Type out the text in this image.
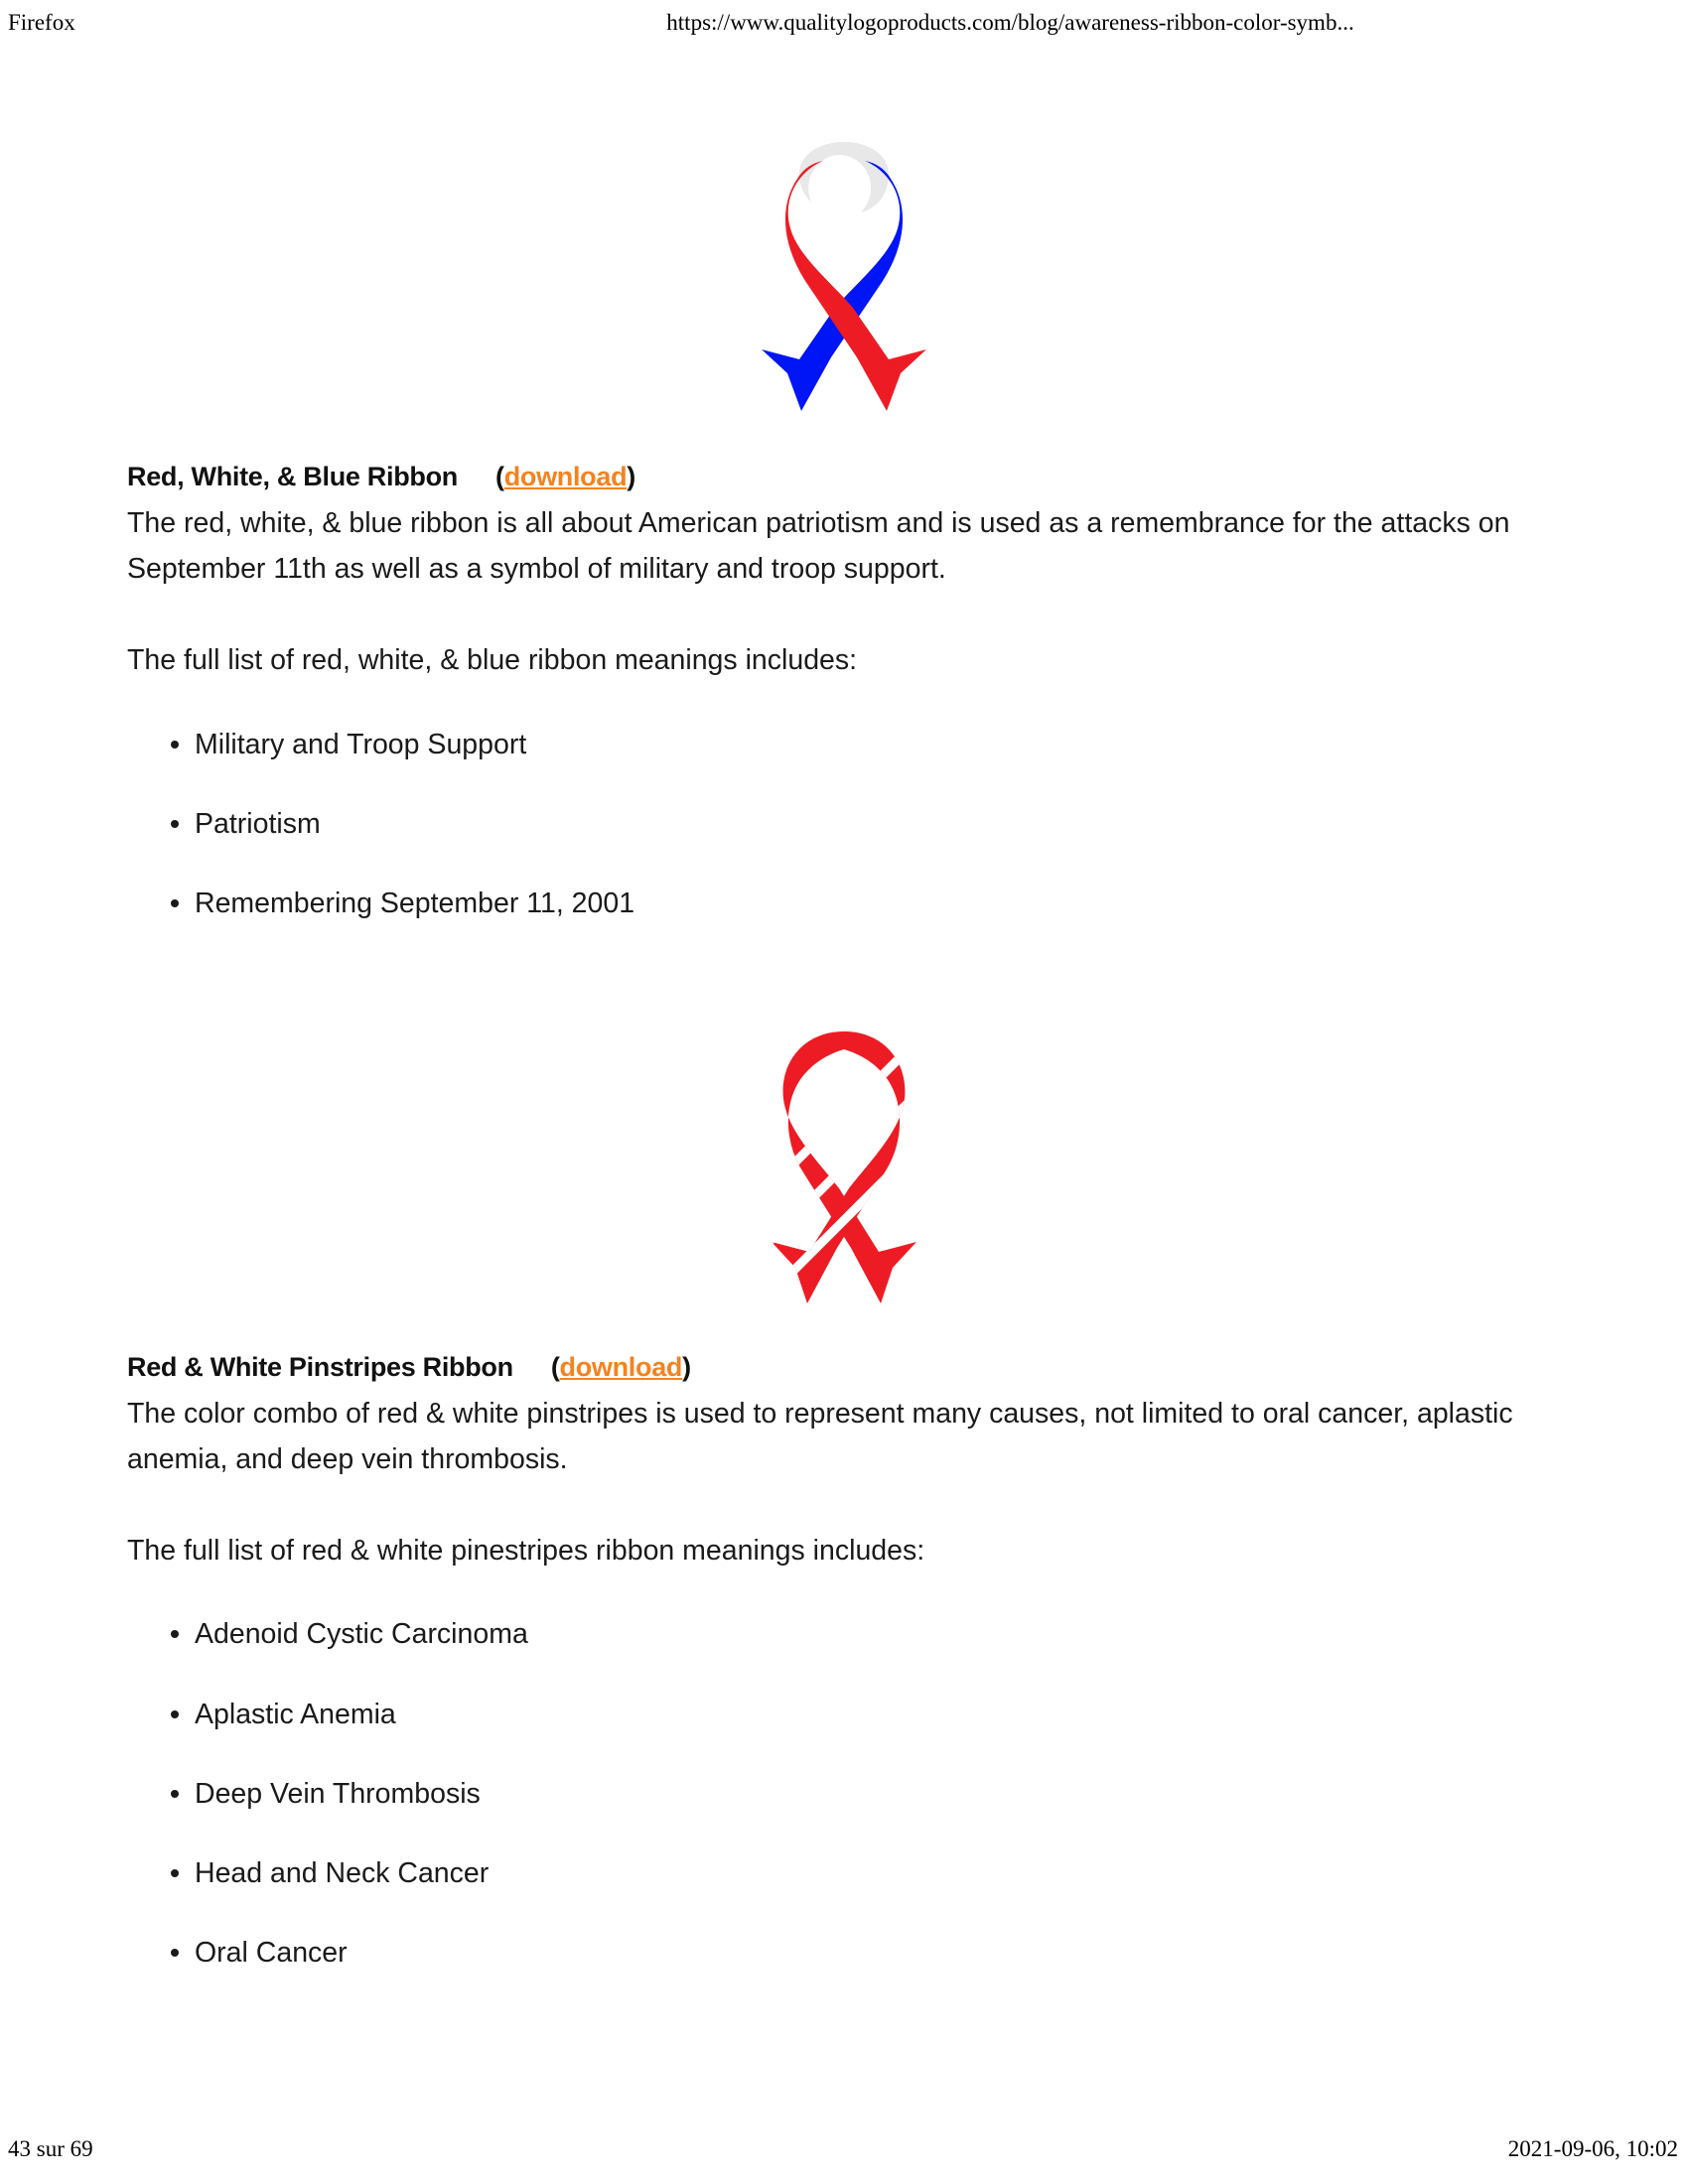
Firefox	https://www.qualitylogoproducts.com/blog/awareness-ribbon-color-symb...
Red, White, & Blue Ribbon (download)

The red, white, & blue ribbon is all about American patriotism and is used as a remembrance for the attacks on September 11th as well as a symbol of military and troop support.

The full list of red, white, & blue ribbon meanings includes:

Military and Troop Support
Patriotism
Remembering September 11, 2001
Red & White Pinstripes Ribbon (download)

The color combo of red & white pinstripes is used to represent many causes, not limited to oral cancer, aplastic anemia, and deep vein thrombosis.

The full list of red & white pinestripes ribbon meanings includes:

Adenoid Cystic Carcinoma
Aplastic Anemia
Deep Vein Thrombosis
Head and Neck Cancer
Oral Cancer
43 sur 69	2021-09-06, 10:02
